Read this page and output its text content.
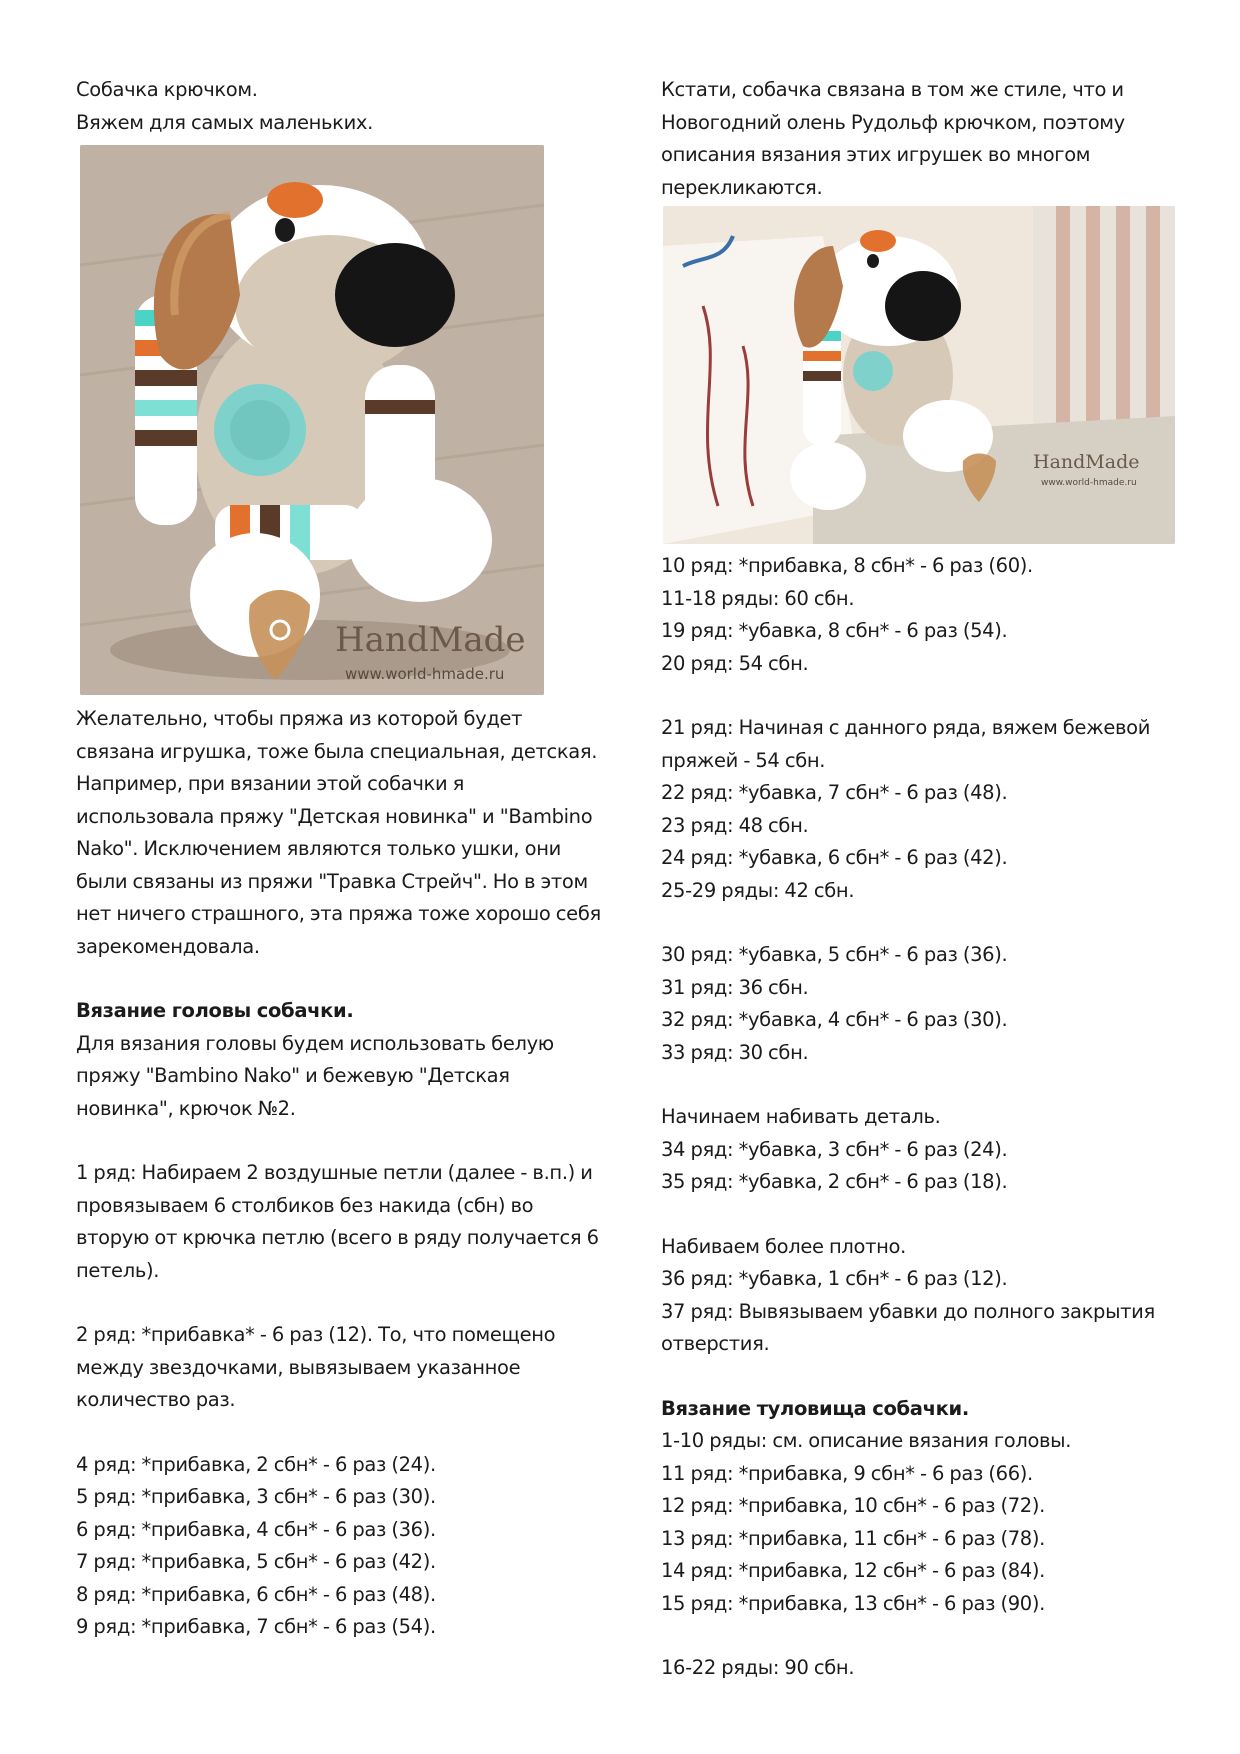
Собачка крючком.
Вяжем для самых маленьких.
HandMade
www.world-hmade.ru
Желательно, чтобы пряжа из которой будет
связана игрушка, тоже была специальная, детская.
Например, при вязании этой собачки я
использовала пряжу "Детская новинка" и "Bambino
Nako". Исключением являются только ушки, они
были связаны из пряжи "Травка Стрейч". Но в этом
нет ничего страшного, эта пряжа тоже хорошо себя
зарекомендовала.
Вязание головы собачки.
Для вязания головы будем использовать белую
пряжу "Bambino Nako" и бежевую "Детская
новинка", крючок №2.
1 ряд: Набираем 2 воздушные петли (далее - в.п.) и
провязываем 6 столбиков без накида (сбн) во
вторую от крючка петлю (всего в ряду получается 6
петель).
2 ряд: *прибавка* - 6 раз (12). То, что помещено
между звездочками, вывязываем указанное
количество раз.
4 ряд: *прибавка, 2 сбн* - 6 раз (24).
5 ряд: *прибавка, 3 сбн* - 6 раз (30).
6 ряд: *прибавка, 4 сбн* - 6 раз (36).
7 ряд: *прибавка, 5 сбн* - 6 раз (42).
8 ряд: *прибавка, 6 сбн* - 6 раз (48).
9 ряд: *прибавка, 7 сбн* - 6 раз (54).
Кстати, собачка связана в том же стиле, что и
Новогодний олень Рудольф крючком, поэтому
описания вязания этих игрушек во многом
перекликаются.
HandMade
www.world-hmade.ru
10 ряд: *прибавка, 8 сбн* - 6 раз (60).
11-18 ряды: 60 сбн.
19 ряд: *убавка, 8 сбн* - 6 раз (54).
20 ряд: 54 сбн.
21 ряд: Начиная с данного ряда, вяжем бежевой
пряжей - 54 сбн.
22 ряд: *убавка, 7 сбн* - 6 раз (48).
23 ряд: 48 сбн.
24 ряд: *убавка, 6 сбн* - 6 раз (42).
25-29 ряды: 42 сбн.
30 ряд: *убавка, 5 сбн* - 6 раз (36).
31 ряд: 36 сбн.
32 ряд: *убавка, 4 сбн* - 6 раз (30).
33 ряд: 30 сбн.
Начинаем набивать деталь.
34 ряд: *убавка, 3 сбн* - 6 раз (24).
35 ряд: *убавка, 2 сбн* - 6 раз (18).
Набиваем более плотно.
36 ряд: *убавка, 1 сбн* - 6 раз (12).
37 ряд: Вывязываем убавки до полного закрытия
отверстия.
Вязание туловища собачки.
1-10 ряды: см. описание вязания головы.
11 ряд: *прибавка, 9 сбн* - 6 раз (66).
12 ряд: *прибавка, 10 сбн* - 6 раз (72).
13 ряд: *прибавка, 11 сбн* - 6 раз (78).
14 ряд: *прибавка, 12 сбн* - 6 раз (84).
15 ряд: *прибавка, 13 сбн* - 6 раз (90).
16-22 ряды: 90 сбн.
